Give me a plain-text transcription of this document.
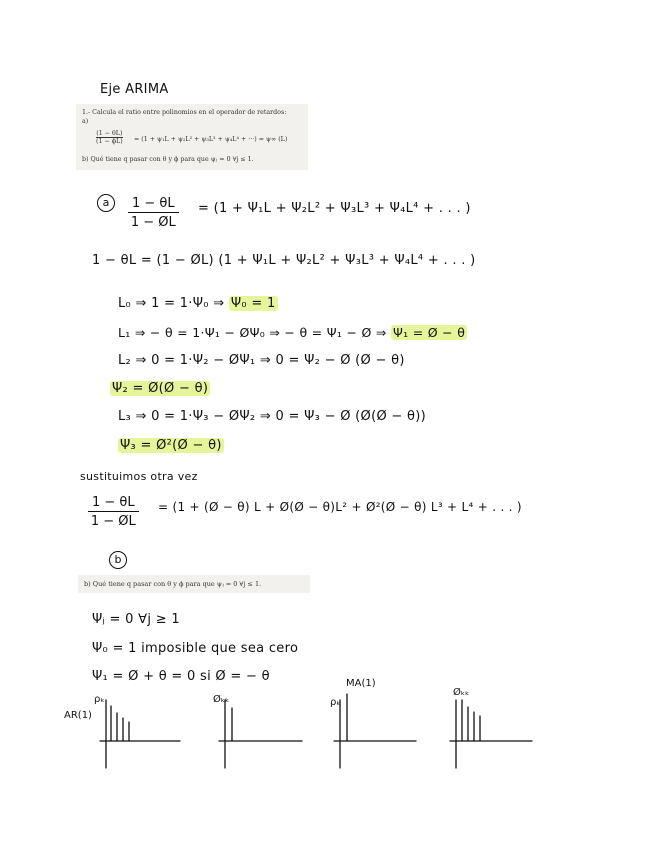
Eje ARIMA
1.- Calcula el ratio entre polinomios en el operador de retardos:
a)
$\frac{(1 - \theta L)}{(1 - \phi L)} = (1 + \psi_1L + \psi_2L^2 + \psi_3L^3 + \psi_4L^4$ + ···) = ψ∞ (L)
b) Qué tiene q pasar con θ y ϕ para que ψⱼ = 0 ∀j ≤ 1.
a	$\frac{1 - \theta L}{1 - ØL} = (1 + \Psi_1L + \Psi_2L^2 + \Psi_3L^3 + \Psi_4L^4$ + . . . )
1 − θL = (1 − ØL) (1 + Ψ₁L + Ψ₂L² + Ψ₃L³ + Ψ₄L⁴ + . . . )
L₀ ⇒ 1 = 1·Ψ₀ ⇒ Ψ₀ = 1
L₁ ⇒ − θ = 1·Ψ₁ − ØΨ₀ ⇒ − θ = Ψ₁ − Ø ⇒ Ψ₁ = Ø − θ
L₂ ⇒ 0 = 1·Ψ₂ − ØΨ₁ ⇒ 0 = Ψ₂ − Ø (Ø − θ)
Ψ₂ = Ø(Ø − θ)
L₃ ⇒ 0 = 1·Ψ₃ − ØΨ₂ ⇒ 0 = Ψ₃ − Ø (Ø(Ø − θ))
Ψ₃ = Ø²(Ø − θ)
sustituimos otra vez
$\frac{1 - \theta L}{1 - ØL} = (1$ + (Ø − θ) L + Ø(Ø − θ)L² + Ø²(Ø − θ) L³ + L⁴ + . . . )
b
b) Qué tiene q pasar con θ y ϕ para que ψⱼ = 0 ∀j ≤ 1.
Ψⱼ = 0 ∀j ≥ 1
Ψ₀ = 1 imposible que sea cero
Ψ₁ = Ø + θ = 0 si Ø = − θ
AR(1)
ρₖ	Øₖₖ	ρₖ
MA(1)
Øₖₖ
